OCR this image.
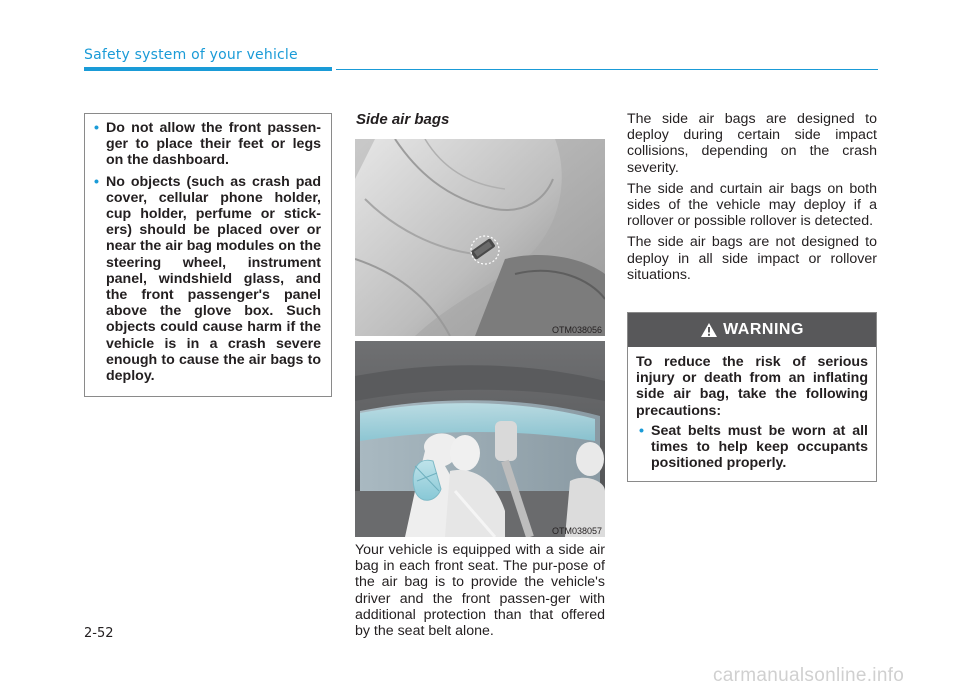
Safety system of your vehicle
• Do not allow the front passen-ger to place their feet or legs on the dashboard.
• No objects (such as crash pad cover, cellular phone holder, cup holder, perfume or stick-ers) should be placed over or near the air bag modules on the steering wheel, instrument panel, windshield glass, and the front passenger's panel above the glove box. Such objects could cause harm if the vehicle is in a crash severe enough to cause the air bags to deploy.
Side air bags
OTM038056
OTM038057

Your vehicle is equipped with a side air bag in each front seat. The pur-pose of the air bag is to provide the vehicle's driver and the front passen-ger with additional protection than that offered by the seat belt alone.

The side air bags are designed to deploy during certain side impact collisions, depending on the crash severity.

The side and curtain air bags on both sides of the vehicle may deploy if a rollover or possible rollover is detected.

The side air bags are not designed to deploy in all side impact or rollover situations.

WARNING

To reduce the risk of serious injury or death from an inflating side air bag, take the following precautions:

• Seat belts must be worn at all times to help keep occupants positioned properly.
2-52
carmanualsonline.info
